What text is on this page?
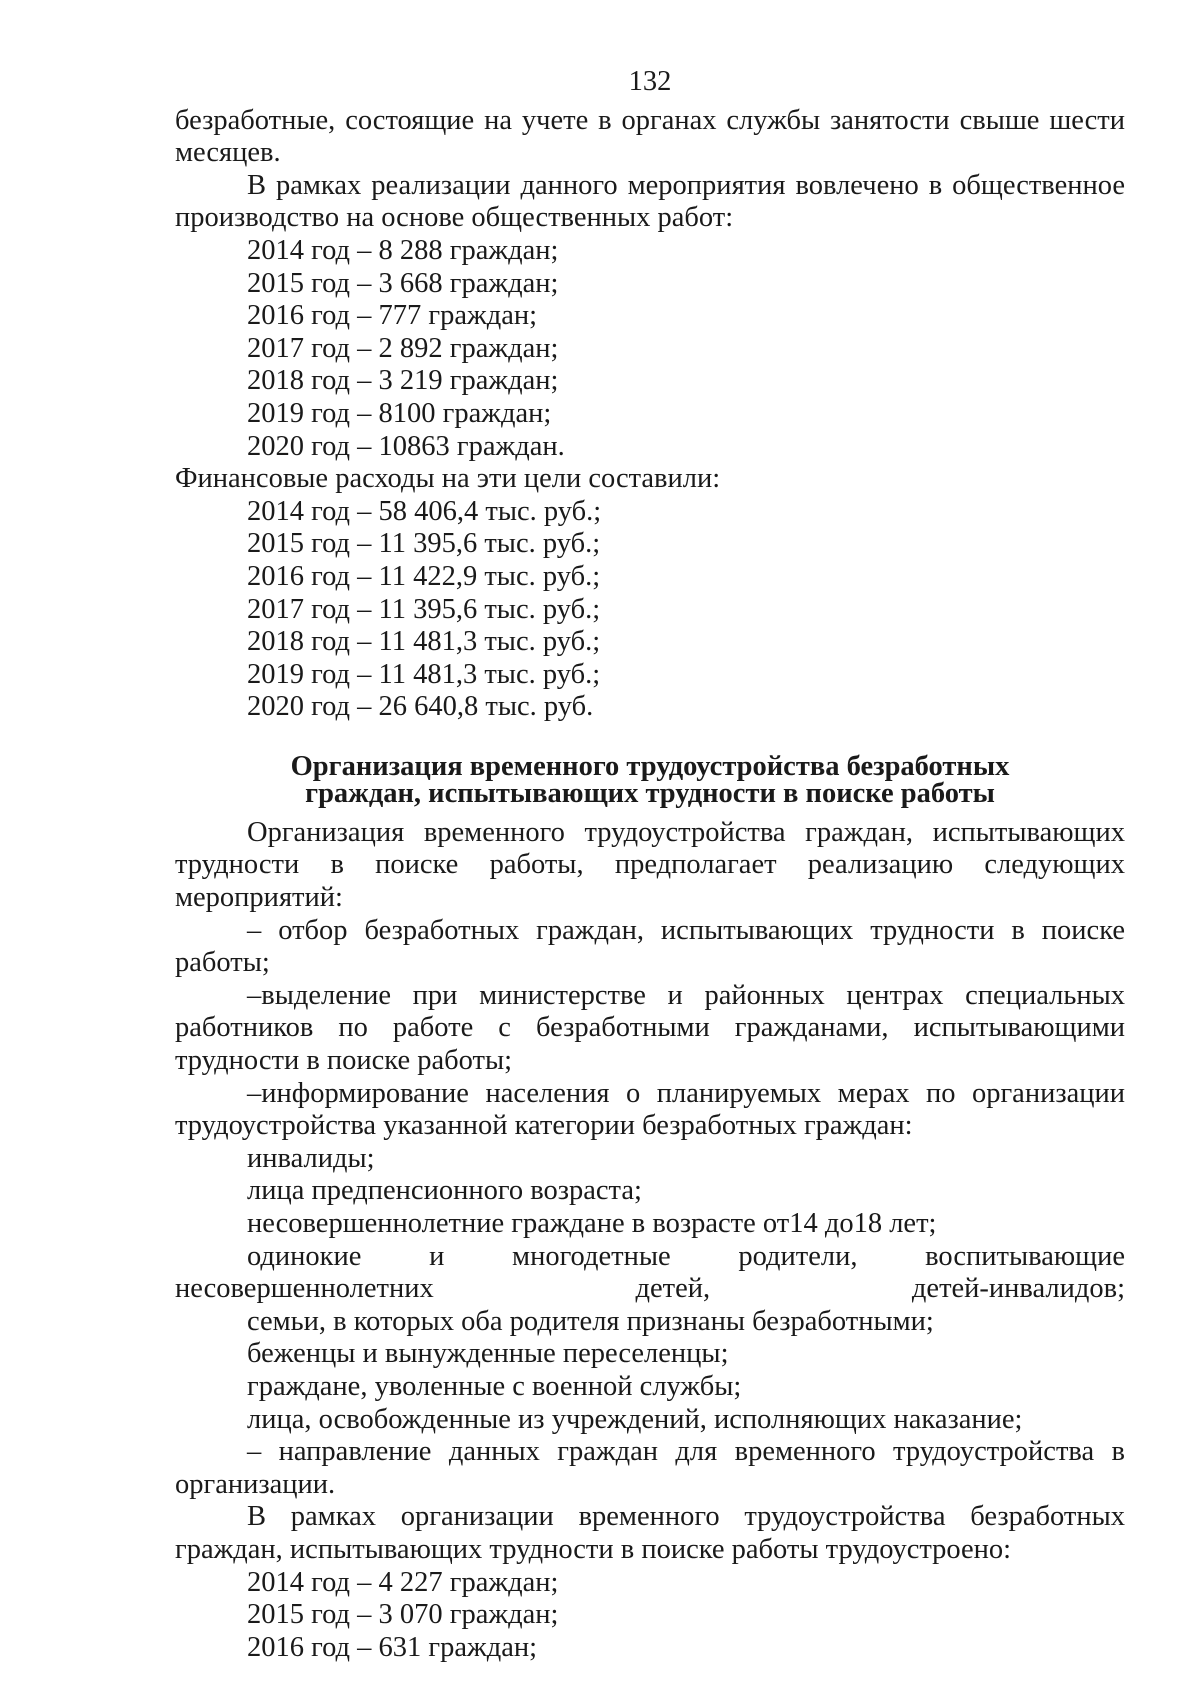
132
безработные, состоящие на учете в органах службы занятости свыше шести месяцев.
В рамках реализации данного мероприятия вовлечено в общественное производство на основе общественных работ:
2014 год – 8 288 граждан;
2015 год – 3 668 граждан;
2016 год – 777 граждан;
2017 год – 2 892 граждан;
2018 год – 3 219 граждан;
2019 год – 8100 граждан;
2020 год – 10863 граждан.
Финансовые расходы на эти цели составили:
2014 год – 58 406,4 тыс. руб.;
2015 год – 11 395,6 тыс. руб.;
2016 год – 11 422,9 тыс. руб.;
2017 год – 11 395,6 тыс. руб.;
2018 год – 11 481,3 тыс. руб.;
2019 год – 11 481,3 тыс. руб.;
2020 год – 26 640,8 тыс. руб.
Организация временного трудоустройства безработных
граждан, испытывающих трудности в поиске работы
Организация временного трудоустройства граждан, испытывающих трудности в поиске работы, предполагает реализацию следующих мероприятий:
– отбор безработных граждан, испытывающих трудности в поиске работы;
–выделение при министерстве и районных центрах специальных работников по работе с безработными гражданами, испытывающими трудности в поиске работы;
–информирование населения о планируемых мерах по организации трудоустройства указанной категории безработных граждан:
инвалиды;
лица предпенсионного возраста;
несовершеннолетние граждане в возрасте от14 до18 лет;
одинокие и многодетные родители, воспитывающие несовершеннолетних детей, детей-инвалидов;
семьи, в которых оба родителя признаны безработными;
беженцы и вынужденные переселенцы;
граждане, уволенные с военной службы;
лица, освобожденные из учреждений, исполняющих наказание;
– направление данных граждан для временного трудоустройства в организации.
В рамках организации временного трудоустройства безработных граждан, испытывающих трудности в поиске работы трудоустроено:
2014 год – 4 227 граждан;
2015 год – 3 070 граждан;
2016 год – 631 граждан;
